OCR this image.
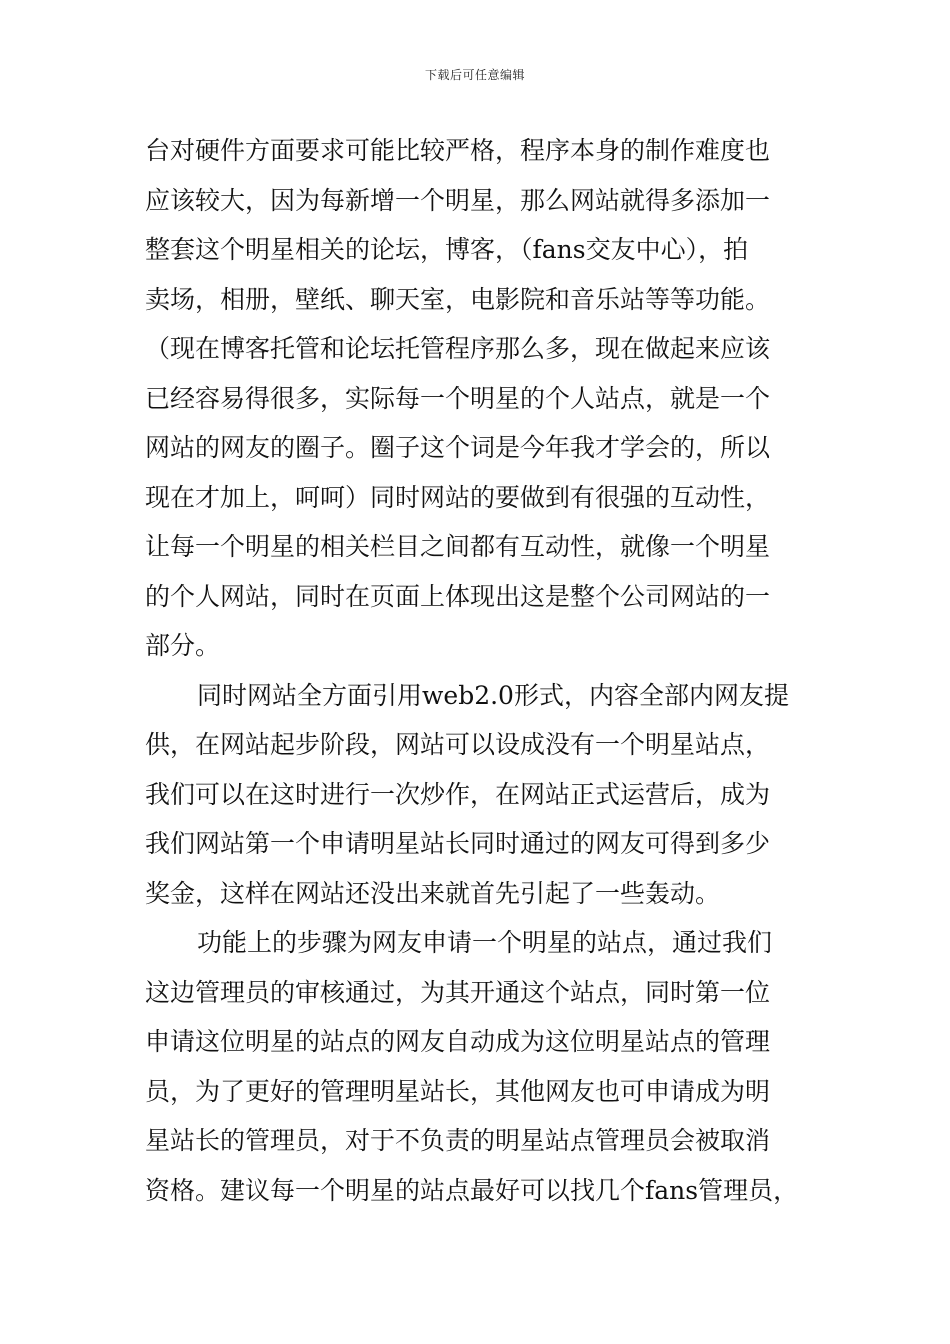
下载后可任意编辑
台对硬件方面要求可能比较严格，程序本身的制作难度也
应该较大，因为每新增一个明星，那么网站就得多添加一
整套这个明星相关的论坛，博客，（fans交友中心），拍
卖场，相册，壁纸、聊天室，电影院和音乐站等等功能。
（现在博客托管和论坛托管程序那么多，现在做起来应该
已经容易得很多，实际每一个明星的个人站点，就是一个
网站的网友的圈子。圈子这个词是今年我才学会的，所以
现在才加上，呵呵）同时网站的要做到有很强的互动性，
让每一个明星的相关栏目之间都有互动性，就像一个明星
的个人网站，同时在页面上体现出这是整个公司网站的一
部分。
同时网站全方面引用web2.0形式，内容全部内网友提
供，在网站起步阶段，网站可以设成没有一个明星站点，
我们可以在这时进行一次炒作，在网站正式运营后，成为
我们网站第一个申请明星站长同时通过的网友可得到多少
奖金，这样在网站还没出来就首先引起了一些轰动。
功能上的步骤为网友申请一个明星的站点，通过我们
这边管理员的审核通过，为其开通这个站点，同时第一位
申请这位明星的站点的网友自动成为这位明星站点的管理
员，为了更好的管理明星站长，其他网友也可申请成为明
星站长的管理员，对于不负责的明星站点管理员会被取消
资格。建议每一个明星的站点最好可以找几个fans管理员，
